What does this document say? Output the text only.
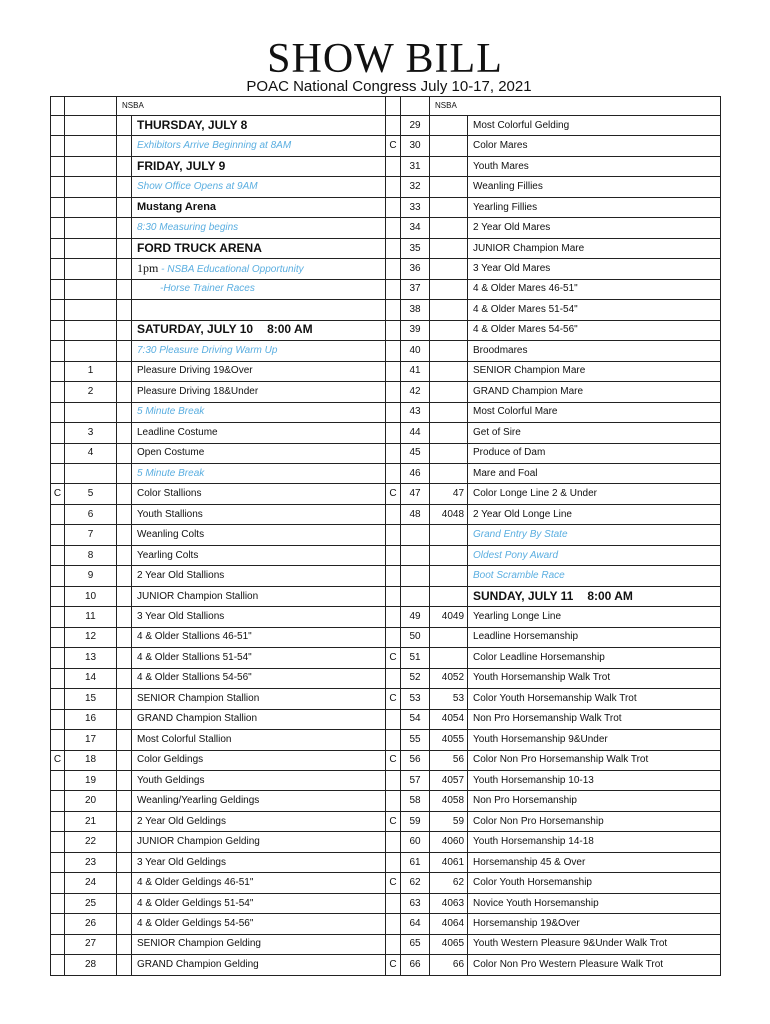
SHOW BILL
POAC National Congress July 10-17, 2021
		NSBA				NSBA	
			THURSDAY, JULY 8		29		Most Colorful Gelding
			Exhibitors Arrive Beginning at 8AM	C	30		Color Mares
			FRIDAY, JULY 9		31		Youth Mares
			Show Office Opens at 9AM		32		Weanling Fillies
			Mustang Arena		33		Yearling Fillies
			8:30 Measuring begins		34		2 Year Old Mares
			FORD TRUCK ARENA		35		JUNIOR Champion Mare
			1pm - NSBA Educational Opportunity		36		3 Year Old Mares
			-Horse Trainer Races		37		4 & Older Mares 46-51"
					38		4 & Older Mares 51-54"
			SATURDAY, JULY 10 8:00 AM		39		4 & Older Mares 54-56"
			7:30 Pleasure Driving Warm Up		40		Broodmares
	1		Pleasure Driving 19&Over		41		SENIOR Champion Mare
	2		Pleasure Driving 18&Under		42		GRAND Champion Mare
			5 Minute Break		43		Most Colorful Mare
	3		Leadline Costume		44		Get of Sire
	4		Open Costume		45		Produce of Dam
			5 Minute Break		46		Mare and Foal
C	5		Color Stallions	C	47	47	Color Longe Line 2 & Under
	6		Youth Stallions		48	4048	2 Year Old Longe Line
	7		Weanling Colts				Grand Entry By State
	8		Yearling Colts				Oldest Pony Award
	9		2 Year Old Stallions				Boot Scramble Race
	10		JUNIOR Champion Stallion				SUNDAY, JULY 11 8:00 AM
	11		3 Year Old Stallions		49	4049	Yearling Longe Line
	12		4 & Older Stallions 46-51"		50		Leadline Horsemanship
	13		4 & Older Stallions 51-54"	C	51		Color Leadline Horsemanship
	14		4 & Older Stallions 54-56"		52	4052	Youth Horsemanship Walk Trot
	15		SENIOR Champion Stallion	C	53	53	Color Youth Horsemanship Walk Trot
	16		GRAND Champion Stallion		54	4054	Non Pro Horsemanship Walk Trot
	17		Most Colorful Stallion		55	4055	Youth Horsemanship 9&Under
C	18		Color Geldings	C	56	56	Color Non Pro Horsemanship Walk Trot
	19		Youth Geldings		57	4057	Youth Horsemanship 10-13
	20		Weanling/Yearling Geldings		58	4058	Non Pro Horsemanship
	21		2 Year Old Geldings	C	59	59	Color Non Pro Horsemanship
	22		JUNIOR Champion Gelding		60	4060	Youth Horsemanship 14-18
	23		3 Year Old Geldings		61	4061	Horsemanship 45 & Over
	24		4 & Older Geldings 46-51"	C	62	62	Color Youth Horsemanship
	25		4 & Older Geldings 51-54"		63	4063	Novice Youth Horsemanship
	26		4 & Older Geldings 54-56"		64	4064	Horsemanship 19&Over
	27		SENIOR Champion Gelding		65	4065	Youth Western Pleasure 9&Under Walk Trot
	28		GRAND Champion Gelding	C	66	66	Color Non Pro Western Pleasure Walk Trot
